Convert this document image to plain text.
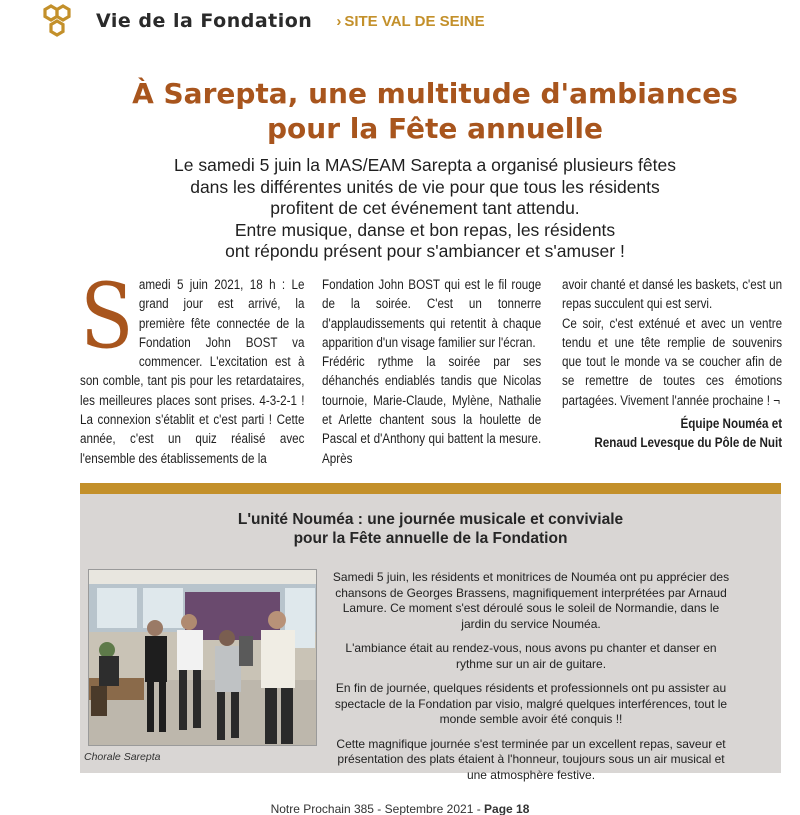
Vie de la Fondation › SITE VAL DE SEINE
À Sarepta, une multitude d'ambiances
pour la Fête annuelle

Le samedi 5 juin la MAS/EAM Sarepta a organisé plusieurs fêtes

dans les différentes unités de vie pour que tous les résidents

profitent de cet événement tant attendu.

Entre musique, danse et bon repas, les résidents

ont répondu présent pour s'ambiancer et s'amuser !

S amedi 5 juin 2021, 18 h : Le grand jour est arrivé, la première fête connectée de la Fondation John BOST va commencer. L'excitation est à son comble, tant pis pour les retardataires, les meilleures places sont prises. 4-3-2-1 ! La connexion s'établit et c'est parti ! Cette année, c'est un quiz réalisé avec l'ensemble des établissements de la

Fondation John BOST qui est le fil rouge de la soirée. C'est un tonnerre d'applaudissements qui retentit à chaque apparition d'un visage familier sur l'écran.

Frédéric rythme la soirée par ses déhanchés endiablés tandis que Nicolas tournoie, Marie-Claude, Mylène, Nathalie et Arlette chantent sous la houlette de Pascal et d'Anthony qui battent la mesure. Après

avoir chanté et dansé les baskets, c'est un repas succulent qui est servi.

Ce soir, c'est exténué et avec un ventre tendu et une tête remplie de souvenirs que tout le monde va se coucher afin de se remettre de toutes ces émotions partagées. Vivement l'année prochaine ! ¬

Équipe Nouméa et
Renaud Levesque du Pôle de Nuit

L'unité Nouméa : une journée musicale et conviviale
pour la Fête annuelle de la Fondation
Chorale Sarepta

Samedi 5 juin, les résidents et monitrices de Nouméa ont pu apprécier des chansons de Georges Brassens, magnifiquement interprétées par Arnaud Lamure. Ce moment s'est déroulé sous le soleil de Normandie, dans le jardin du service Nouméa.

L'ambiance était au rendez-vous, nous avons pu chanter et danser en rythme sur un air de guitare.

En fin de journée, quelques résidents et professionnels ont pu assister au spectacle de la Fondation par visio, malgré quelques interférences, tout le monde semble avoir été conquis !!

Cette magnifique journée s'est terminée par un excellent repas, saveur et présentation des plats étaient à l'honneur, toujours sous un air musical et une atmosphère festive.

Notre Prochain 385 - Septembre 2021 - Page 18
